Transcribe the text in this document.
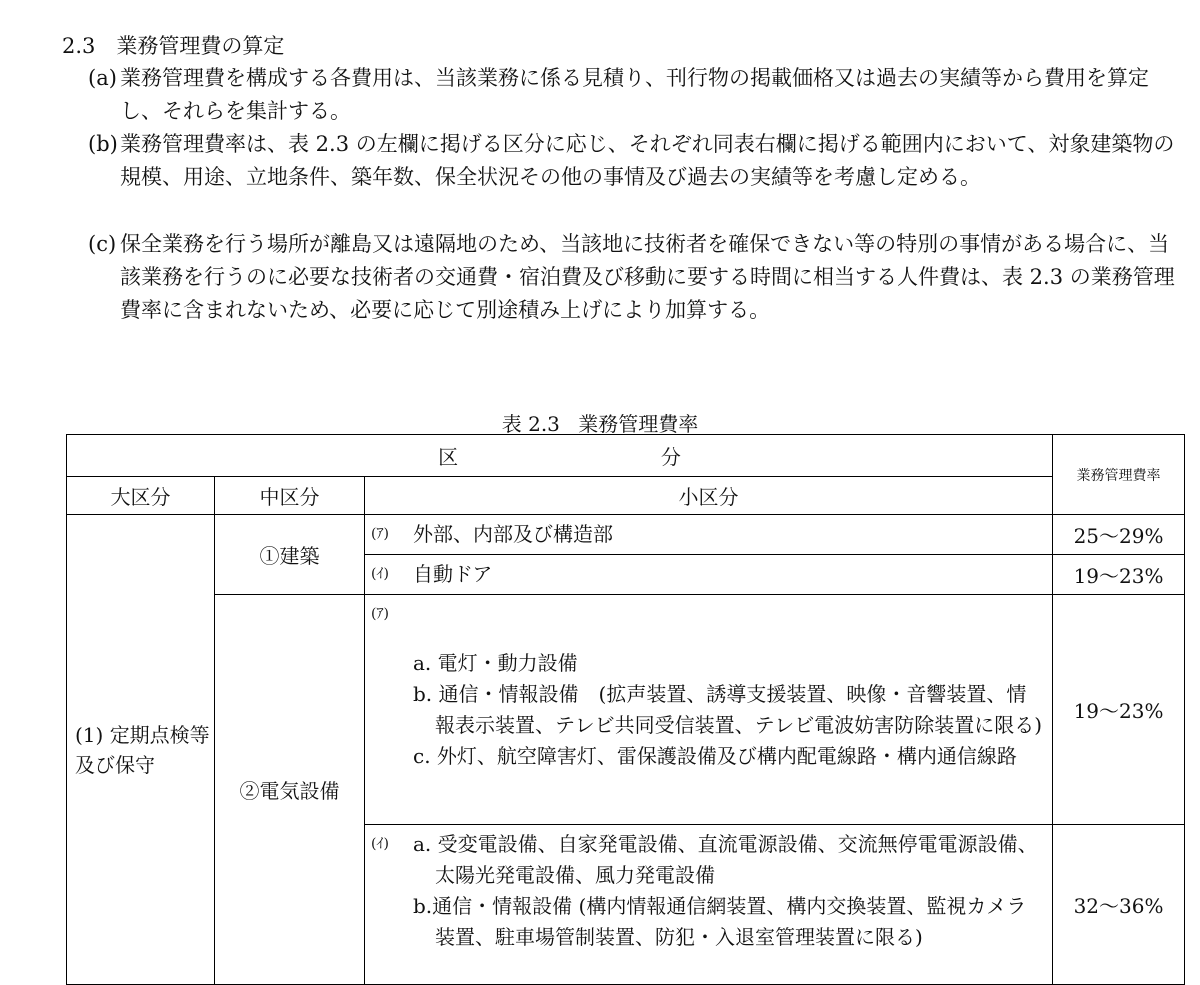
2.3　業務管理費の算定
(a) 業務管理費を構成する各費用は、当該業務に係る見積り、刊行物の掲載価格又は過去の実績等から費用を算定し、それらを集計する。
(b) 業務管理費率は、表 2.3 の左欄に掲げる区分に応じ、それぞれ同表右欄に掲げる範囲内において、対象建築物の規模、用途、立地条件、築年数、保全状況その他の事情及び過去の実績等を考慮し定める。
(c) 保全業務を行う場所が離島又は遠隔地のため、当該地に技術者を確保できない等の特別の事情がある場合に、当該業務を行うのに必要な技術者の交通費・宿泊費及び移動に要する時間に相当する人件費は、表 2.3 の業務管理費率に含まれないため、必要に応じて別途積み上げにより加算する。
表 2.3 業務管理費率
区 分			業務管理費率
大区分	中区分	小区分	
(1) 定期点検等及び保守	①建築	(ｱ) 外部、内部及び構造部	25～29%

		(ｲ) 自動ドア	19～23%
	②電気設備	(ｱ)
a. 電灯・動力設備
b. 通信・情報設備　(拡声装置、誘導支援装置、映像・音響装置、情報表示装置、テレビ共同受信装置、テレビ電波妨害防除装置に限る)
c. 外灯、航空障害灯、雷保護設備及び構内配電線路・構内通信線路	19～23%

		(ｲ) a. 受変電設備、自家発電設備、直流電源設備、交流無停電電源設備、太陽光発電設備、風力発電設備
b.通信・情報設備 (構内情報通信網装置、構内交換装置、監視カメラ装置、駐車場管制装置、防犯・入退室管理装置に限る)	32～36%
